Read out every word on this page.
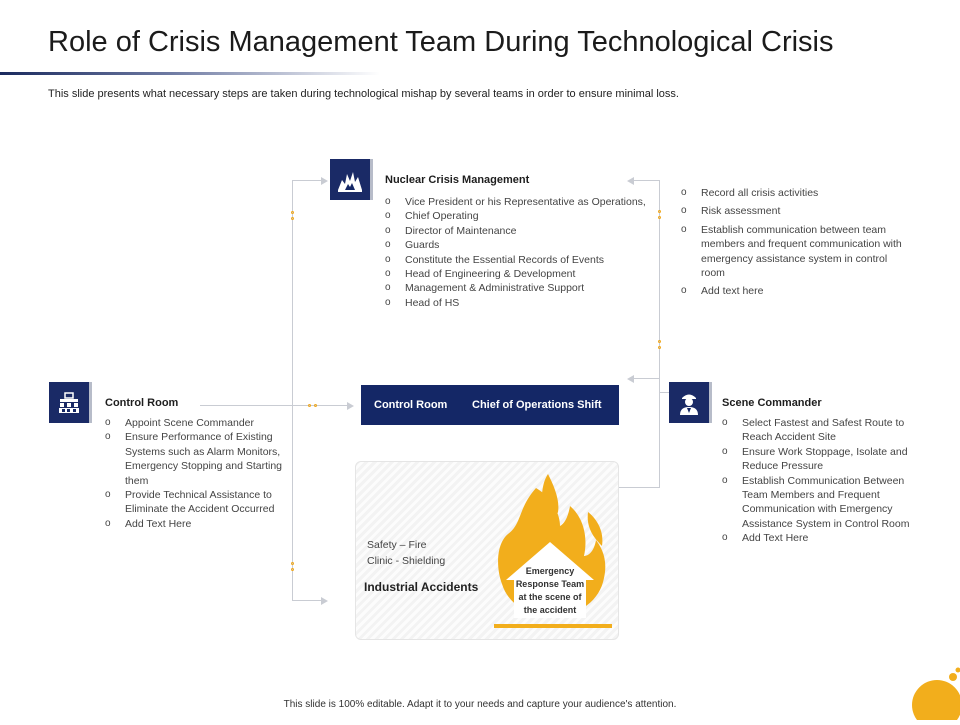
Role of Crisis Management Team During Technological Crisis
This slide presents what necessary steps are taken during technological mishap by several teams in order to ensure minimal loss.
Nuclear Crisis Management
o Vice President or his Representative as Operations,
o Chief Operating
o Director of Maintenance
o Guards
o Constitute the Essential Records of Events
o Head of Engineering & Development
o Management & Administrative Support
o Head of HS
o Record all crisis activities
o Risk assessment
o Establish communication between team members and frequent communication with emergency assistance system in control room
o Add text here
Control Room
o Appoint Scene Commander
o Ensure Performance of Existing Systems such as Alarm Monitors, Emergency Stopping and Starting them
o Provide Technical Assistance to Eliminate the Accident Occurred
o Add Text Here
Control Room Chief of Operations Shift	Scene Commander
o Select Fastest and Safest Route to Reach Accident Site
o Ensure Work Stoppage, Isolate and Reduce Pressure
o Establish Communication Between Team Members and Frequent Communication with Emergency Assistance System in Control Room
o Add Text Here
Safety – Fire
Clinic - Shielding
Industrial Accidents
Emergency
Response Team
at the scene of
the accident
This slide is 100% editable. Adapt it to your needs and capture your audience's attention.
